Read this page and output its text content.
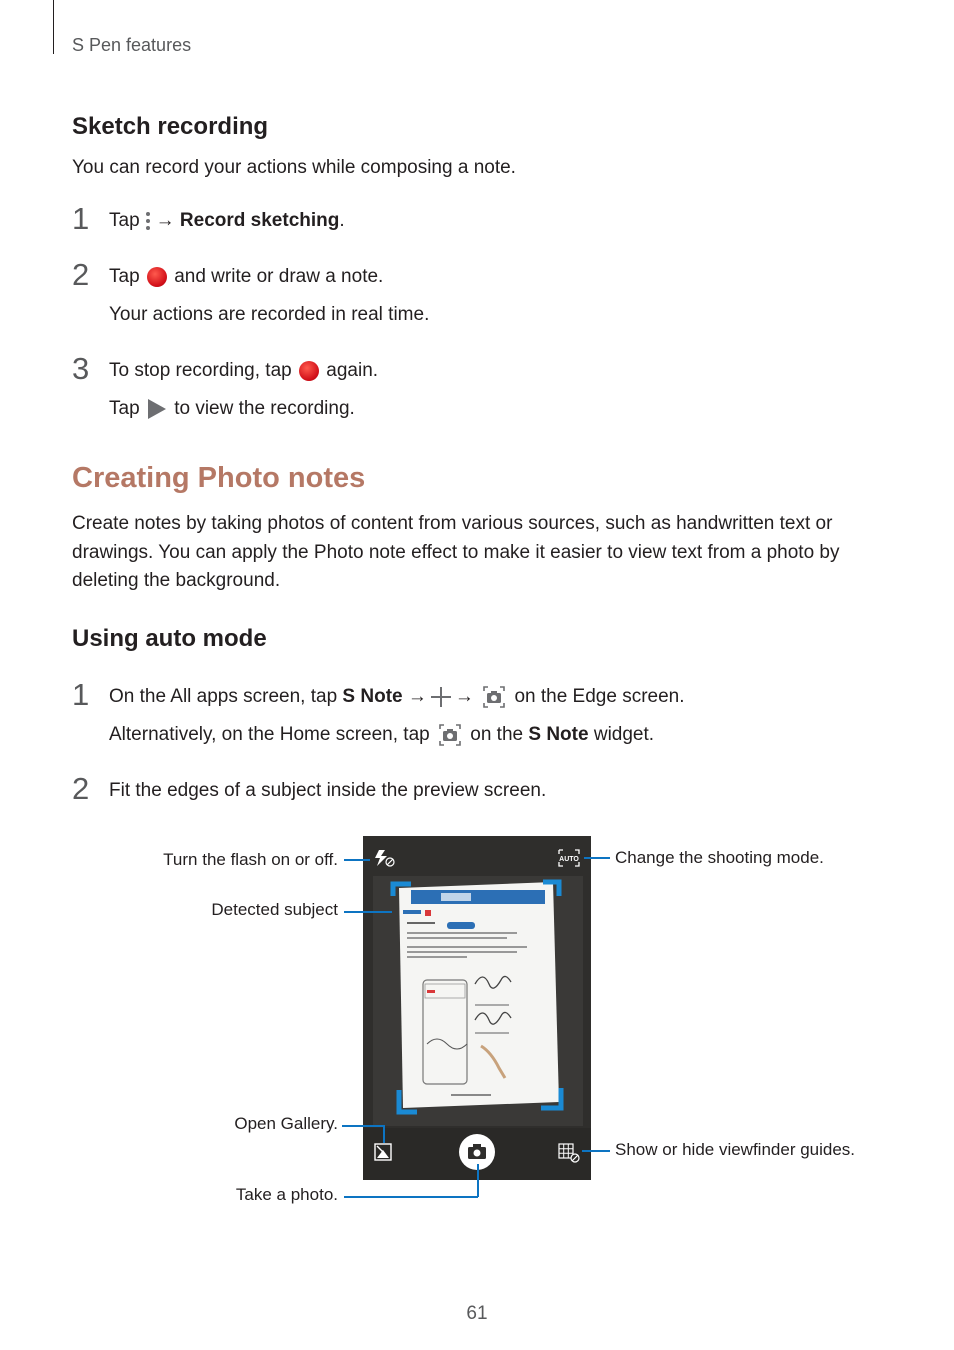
S Pen features
Sketch recording
You can record your actions while composing a note.
1 Tap → Record sketching.
2 Tap and write or draw a note.
Your actions are recorded in real time.
3 To stop recording, tap again.
Tap to view the recording.
Creating Photo notes
Create notes by taking photos of content from various sources, such as handwritten text or drawings. You can apply the Photo note effect to make it easier to view text from a photo by deleting the background.
Using auto mode
1 On the All apps screen, tap S Note → → on the Edge screen.
Alternatively, on the Home screen, tap on the S Note widget.
2 Fit the edges of a subject inside the preview screen.
AUTO
Turn the flash on or off.
Detected subject
Open Gallery.
Take a photo.
Change the shooting mode.
Show or hide viewfinder guides.
61
